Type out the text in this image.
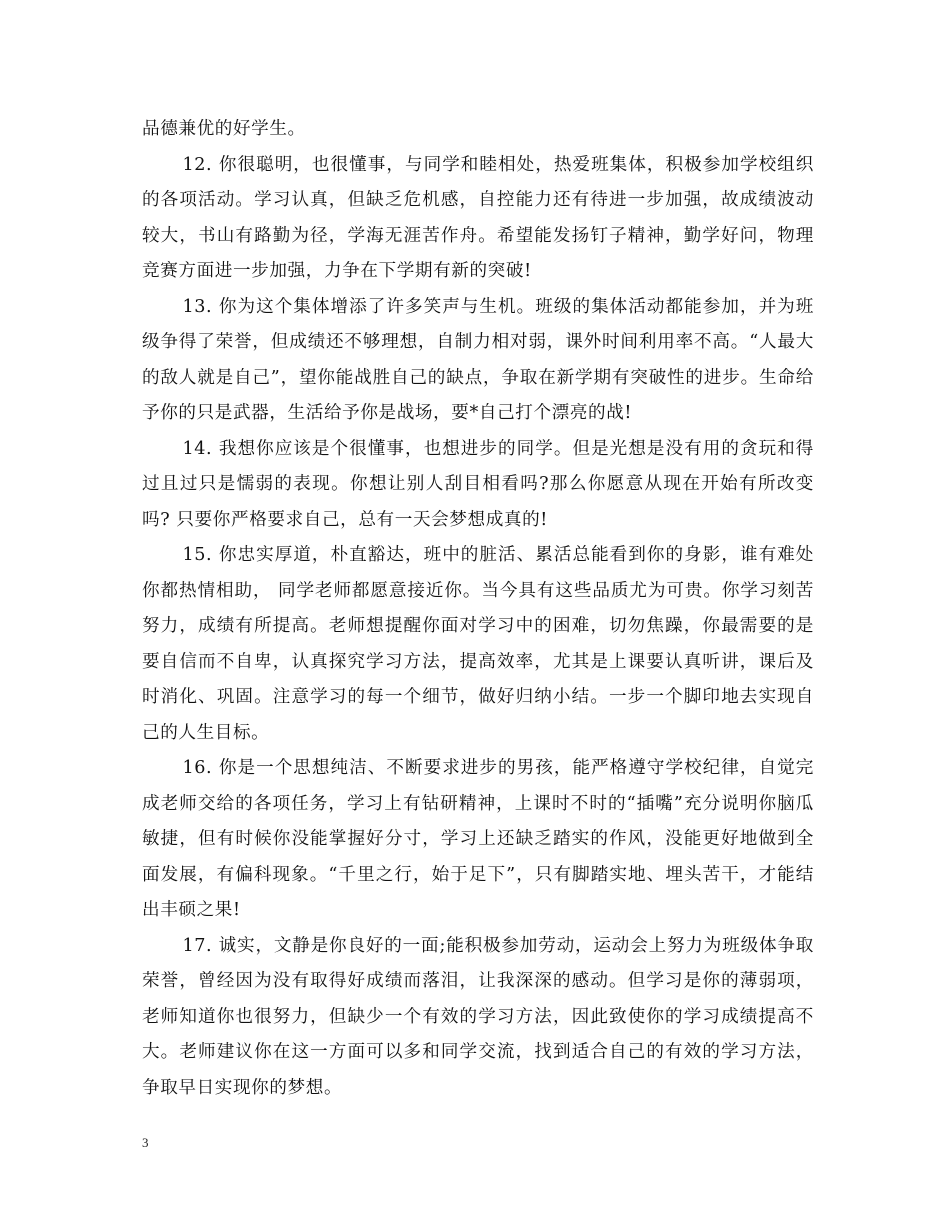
品德兼优的好学生。

12. 你很聪明，也很懂事，与同学和睦相处，热爱班集体，积极参加学校组织的各项活动。学习认真，但缺乏危机感，自控能力还有待进一步加强，故成绩波动较大，书山有路勤为径，学海无涯苦作舟。希望能发扬钉子精神，勤学好问，物理竞赛方面进一步加强，力争在下学期有新的突破!

13. 你为这个集体增添了许多笑声与生机。班级的集体活动都能参加，并为班级争得了荣誉，但成绩还不够理想，自制力相对弱，课外时间利用率不高。“人最大的敌人就是自己”，望你能战胜自己的缺点，争取在新学期有突破性的进步。生命给予你的只是武器，生活给予你是战场，要*自己打个漂亮的战!

14. 我想你应该是个很懂事，也想进步的同学。但是光想是没有用的贪玩和得过且过只是懦弱的表现。你想让别人刮目相看吗?那么你愿意从现在开始有所改变吗? 只要你严格要求自己，总有一天会梦想成真的!

15. 你忠实厚道，朴直豁达，班中的脏活、累活总能看到你的身影，谁有难处你都热情相助， 同学老师都愿意接近你。当今具有这些品质尤为可贵。你学习刻苦努力，成绩有所提高。老师想提醒你面对学习中的困难，切勿焦躁，你最需要的是要自信而不自卑，认真探究学习方法，提高效率，尤其是上课要认真听讲，课后及时消化、巩固。注意学习的每一个细节，做好归纳小结。一步一个脚印地去实现自己的人生目标。

16. 你是一个思想纯洁、不断要求进步的男孩，能严格遵守学校纪律，自觉完成老师交给的各项任务，学习上有钻研精神，上课时不时的“插嘴”充分说明你脑瓜敏捷，但有时候你没能掌握好分寸，学习上还缺乏踏实的作风，没能更好地做到全面发展，有偏科现象。“千里之行，始于足下”，只有脚踏实地、埋头苦干，才能结出丰硕之果!

17. 诚实，文静是你良好的一面;能积极参加劳动，运动会上努力为班级体争取荣誉，曾经因为没有取得好成绩而落泪，让我深深的感动。但学习是你的薄弱项，老师知道你也很努力，但缺少一个有效的学习方法，因此致使你的学习成绩提高不大。老师建议你在这一方面可以多和同学交流，找到适合自己的有效的学习方法，争取早日实现你的梦想。

3
